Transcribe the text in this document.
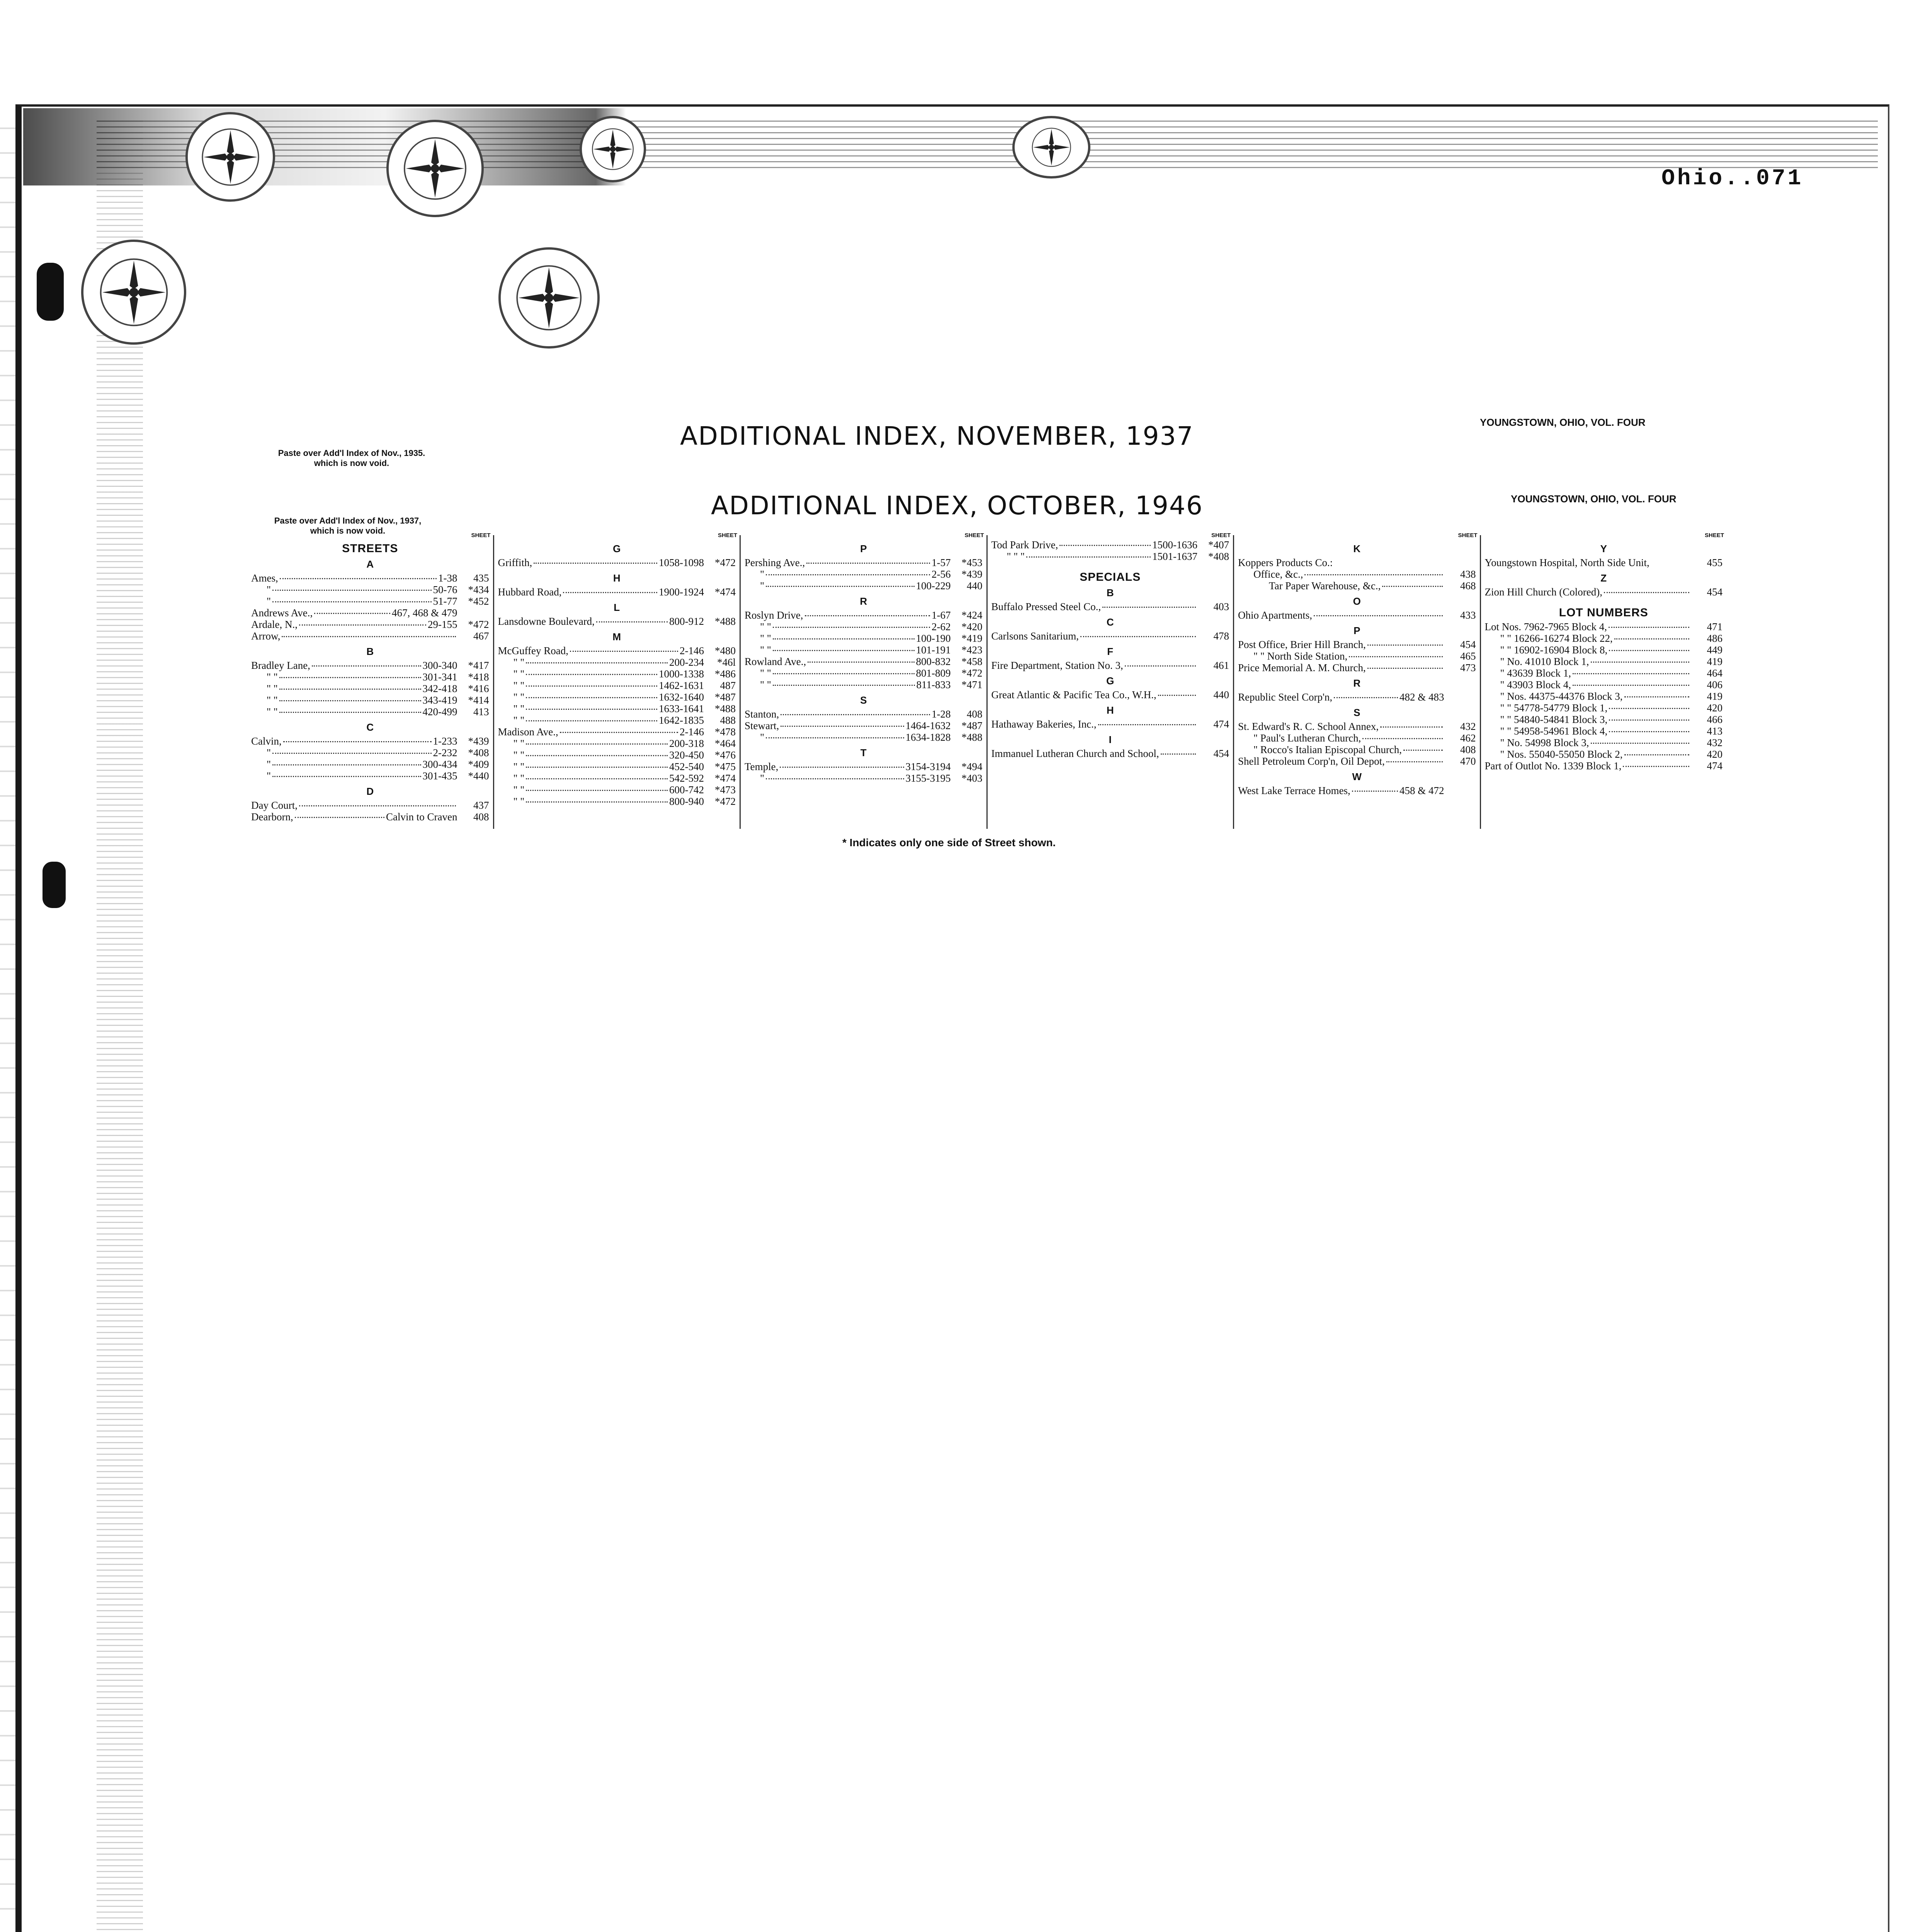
Ohio..071
Paste over Add'l Index of Nov., 1935.
which is now void.
ADDITIONAL INDEX, NOVEMBER, 1937	YOUNGSTOWN, OHIO, VOL. FOUR
Paste over Add'l Index of Nov., 1937,
which is now void.
ADDITIONAL INDEX, OCTOBER, 1946	YOUNGSTOWN, OHIO, VOL. FOUR
SHEET
STREETS
A
Ames,	1-38	435
"	50-76	*434
"	51-77	*452
Andrews Ave.,	467, 468 & 479
Ardale, N.,	29-155	*472
Arrow,	467
B
Bradley Lane,	300-340	*417
" "	301-341	*418
" "	342-418	*416
" "	343-419	*414
" "	420-499	413
C
Calvin,	1-233	*439
"	2-232	*408
"	300-434	*409
"	301-435	*440
D
Day Court,	437
Dearborn,	Calvin to Craven	408
SHEET
G
Griffith,	1058-1098	*472
H
Hubbard Road,	1900-1924	*474
L
Lansdowne Boulevard,	800-912	*488
M
McGuffey Road,	2-146	*480
" "	200-234	*46l
" "	1000-1338	*486
" "	1462-1631	487
" "	1632-1640	*487
" "	1633-1641	*488
" "	1642-1835	488
Madison Ave.,	2-146	*478
" "	200-318	*464
" "	320-450	*476
" "	452-540	*475
" "	542-592	*474
" "	600-742	*473
" "	800-940	*472
SHEET
P
Pershing Ave.,	1-57	*453
"	2-56	*439
"	100-229	440
R
Roslyn Drive,	1-67	*424
" "	2-62	*420
" "	100-190	*419
" "	101-191	*423
Rowland Ave.,	800-832	*458
" "	801-809	*472
" "	811-833	*471
S
Stanton,	1-28	408
Stewart,	1464-1632	*487
"	1634-1828	*488
T
Temple,	3154-3194	*494
"	3155-3195	*403
SHEET
Tod Park Drive,	1500-1636	*407
" " "	1501-1637	*408
SPECIALS
B
Buffalo Pressed Steel Co.,	403
C
Carlsons Sanitarium,	478
F
Fire Department, Station No. 3,	461
G
Great Atlantic & Pacific Tea Co., W.H.,	440
H
Hathaway Bakeries, Inc.,	474
I
Immanuel Lutheran Church and School,	454
SHEET
K
Koppers Products Co.:
Office, &c.,	438
Tar Paper Warehouse, &c.,	468
O
Ohio Apartments,	433
P
Post Office, Brier Hill Branch,	454
" " North Side Station,	465
Price Memorial A. M. Church,	473
R
Republic Steel Corp'n,	482 & 483
S
St. Edward's R. C. School Annex,	432
" Paul's Lutheran Church,	462
" Rocco's Italian Episcopal Church,	408
Shell Petroleum Corp'n, Oil Depot,	470
W
West Lake Terrace Homes,	458 & 472
SHEET
Y
Youngstown Hospital, North Side Unit,	455
Z
Zion Hill Church (Colored),	454
LOT NUMBERS
Lot Nos. 7962-7965 Block 4,	471
" " 16266-16274 Block 22,	486
" " 16902-16904 Block 8,	449
" No. 41010 Block 1,	419
" 43639 Block 1,	464
" 43903 Block 4,	406
" Nos. 44375-44376 Block 3,	419
" " 54778-54779 Block 1,	420
" " 54840-54841 Block 3,	466
" " 54958-54961 Block 4,	413
" No. 54998 Block 3,	432
" Nos. 55040-55050 Block 2,	420
Part of Outlot No. 1339 Block 1,	474
* Indicates only one side of Street shown.
